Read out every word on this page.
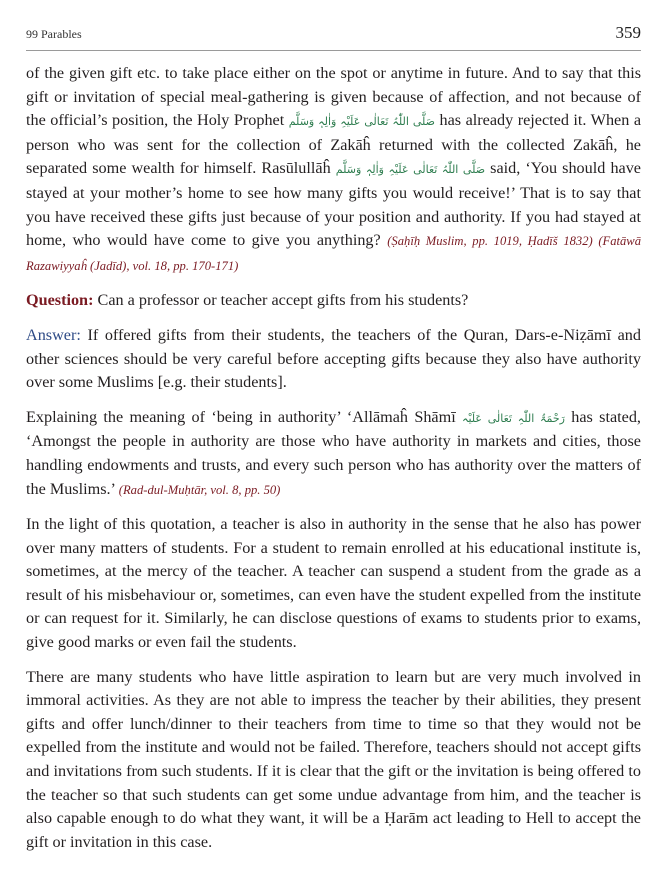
99 Parables	359

of the given gift etc. to take place either on the spot or anytime in future. And to say that this gift or invitation of special meal-gathering is given because of affection, and not because of the official’s position, the Holy Prophet صَلَّی اللّٰہُ تَعَالٰی عَلَیْہِ وَاٰلِہٖ وَسَلَّم has already rejected it. When a person who was sent for the collection of Zakāĥ returned with the collected Zakāĥ, he separated some wealth for himself. Rasūlullāĥ صَلَّی اللّٰہُ تَعَالٰی عَلَیْہِ وَاٰلِہٖ وَسَلَّم said, ‘You should have stayed at your mother’s home to see how many gifts you would receive!’ That is to say that you have received these gifts just because of your position and authority. If you had stayed at home, who would have come to give you anything? (Ṣaḥīḥ Muslim, pp. 1019, Ḥadīš 1832) (Fatāwā Razawiyyaĥ (Jadīd), vol. 18, pp. 170-171)

Question: Can a professor or teacher accept gifts from his students?

Answer: If offered gifts from their students, the teachers of the Quran, Dars-e-Niẓāmī and other sciences should be very careful before accepting gifts because they also have authority over some Muslims [e.g. their students].

Explaining the meaning of ‘being in authority’ ‘Allāmaĥ Shāmī رَحْمَۃُ اللّٰہِ تَعَالٰی عَلَیْہ has stated, ‘Amongst the people in authority are those who have authority in markets and cities, those handling endowments and trusts, and every such person who has authority over the matters of the Muslims.’ (Rad-dul-Muḥtār, vol. 8, pp. 50)

In the light of this quotation, a teacher is also in authority in the sense that he also has power over many matters of students. For a student to remain enrolled at his educational institute is, sometimes, at the mercy of the teacher. A teacher can suspend a student from the grade as a result of his misbehaviour or, sometimes, can even have the student expelled from the institute or can request for it. Similarly, he can disclose questions of exams to students prior to exams, give good marks or even fail the students.

There are many students who have little aspiration to learn but are very much involved in immoral activities. As they are not able to impress the teacher by their abilities, they present gifts and offer lunch/dinner to their teachers from time to time so that they would not be expelled from the institute and would not be failed. Therefore, teachers should not accept gifts and invitations from such students. If it is clear that the gift or the invitation is being offered to the teacher so that such students can get some undue advantage from him, and the teacher is also capable enough to do what they want, it will be a Ḥarām act leading to Hell to accept the gift or invitation in this case.
